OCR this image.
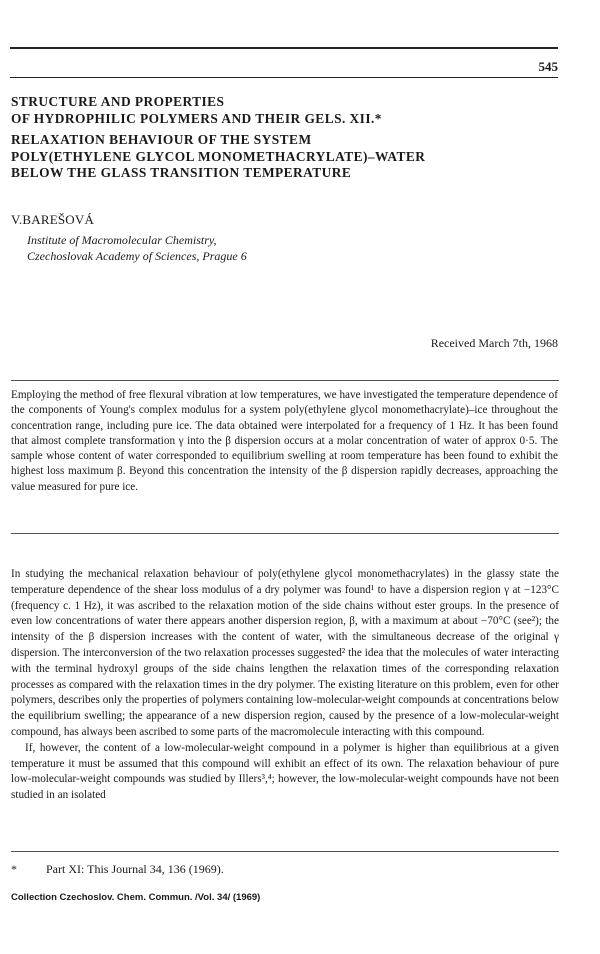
545
STRUCTURE AND PROPERTIES
OF HYDROPHILIC POLYMERS AND THEIR GELS. XII.*
RELAXATION BEHAVIOUR OF THE SYSTEM
POLY(ETHYLENE GLYCOL MONOMETHACRYLATE)–WATER
BELOW THE GLASS TRANSITION TEMPERATURE
V.BAREŠOVÁ
Institute of Macromolecular Chemistry,
Czechoslovak Academy of Sciences, Prague 6
Received March 7th, 1968

Employing the method of free flexural vibration at low temperatures, we have investigated the temperature dependence of the components of Young's complex modulus for a system poly(ethylene glycol monomethacrylate)–ice throughout the concentration range, including pure ice. The data obtained were interpolated for a frequency of 1 Hz. It has been found that almost complete transformation γ into the β dispersion occurs at a molar concentration of water of approx 0·5. The sample whose content of water corresponded to equilibrium swelling at room temperature has been found to exhibit the highest loss maximum β. Beyond this concentration the intensity of the β dispersion rapidly decreases, approaching the value measured for pure ice.

In studying the mechanical relaxation behaviour of poly(ethylene glycol monomethacrylates) in the glassy state the temperature dependence of the shear loss modulus of a dry polymer was found¹ to have a dispersion region γ at −123°C (frequency c. 1 Hz), it was ascribed to the relaxation motion of the side chains without ester groups. In the presence of even low concentrations of water there appears another dispersion region, β, with a maximum at about −70°C (see²); the intensity of the β dispersion increases with the content of water, with the simultaneous decrease of the original γ dispersion. The interconversion of the two relaxation processes suggested² the idea that the molecules of water interacting with the terminal hydroxyl groups of the side chains lengthen the relaxation times of the corresponding relaxation processes as compared with the relaxation times in the dry polymer. The existing literature on this problem, even for other polymers, describes only the properties of polymers containing low-molecular-weight compounds at concentrations below the equilibrium swelling; the appearance of a new dispersion region, caused by the presence of a low-molecular-weight compound, has always been ascribed to some parts of the macromolecule interacting with this compound.

If, however, the content of a low-molecular-weight compound in a polymer is higher than equilibrious at a given temperature it must be assumed that this compound will exhibit an effect of its own. The relaxation behaviour of pure low-molecular-weight compounds was studied by Illers³,⁴; however, the low-molecular-weight compounds have not been studied in an isolated

* Part XI: This Journal 34, 136 (1969).
Collection Czechoslov. Chem. Commun. /Vol. 34/ (1969)
